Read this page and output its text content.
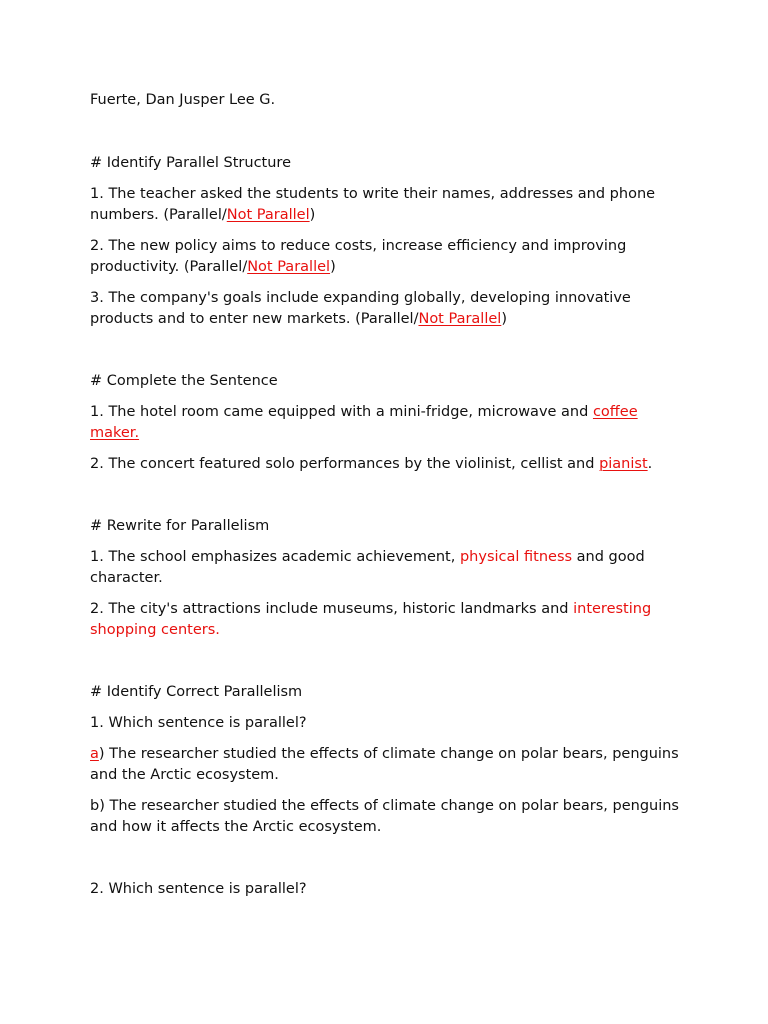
Fuerte, Dan Jusper Lee G.

# Identify Parallel Structure

1. The teacher asked the students to write their names, addresses and phone numbers. (Parallel/Not Parallel)

2. The new policy aims to reduce costs, increase efficiency and improving productivity. (Parallel/Not Parallel)

3. The company's goals include expanding globally, developing innovative products and to enter new markets. (Parallel/Not Parallel)

# Complete the Sentence

1. The hotel room came equipped with a mini-fridge, microwave and coffee maker.

2. The concert featured solo performances by the violinist, cellist and pianist.

# Rewrite for Parallelism

1. The school emphasizes academic achievement, physical fitness and good character.

2. The city's attractions include museums, historic landmarks and interesting shopping centers.

# Identify Correct Parallelism

1. Which sentence is parallel?

a) The researcher studied the effects of climate change on polar bears, penguins and the Arctic ecosystem.

b) The researcher studied the effects of climate change on polar bears, penguins and how it affects the Arctic ecosystem.

2. Which sentence is parallel?
